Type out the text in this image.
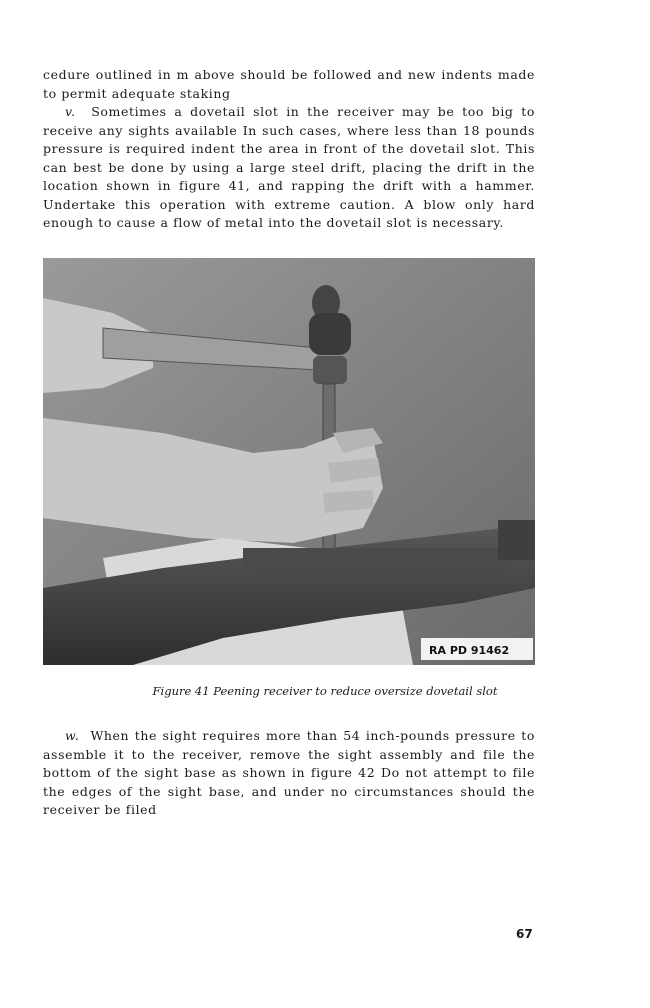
cedure outlined in m above should be followed and new indents made to permit adequate staking

v. Sometimes a dovetail slot in the receiver may be too big to receive any sights available In such cases, where less than 18 pounds pressure is required indent the area in front of the dovetail slot. This can best be done by using a large steel drift, placing the drift in the location shown in figure 41, and rapping the drift with a hammer. Undertake this operation with extreme caution. A blow only hard enough to cause a flow of metal into the dovetail slot is necessary.

RA PD 91462
Figure 41 Peening receiver to reduce oversize dovetail slot

w. When the sight requires more than 54 inch-pounds pressure to assemble it to the receiver, remove the sight assembly and file the bottom of the sight base as shown in figure 42 Do not attempt to file the edges of the sight base, and under no circumstances should the receiver be filed

67
